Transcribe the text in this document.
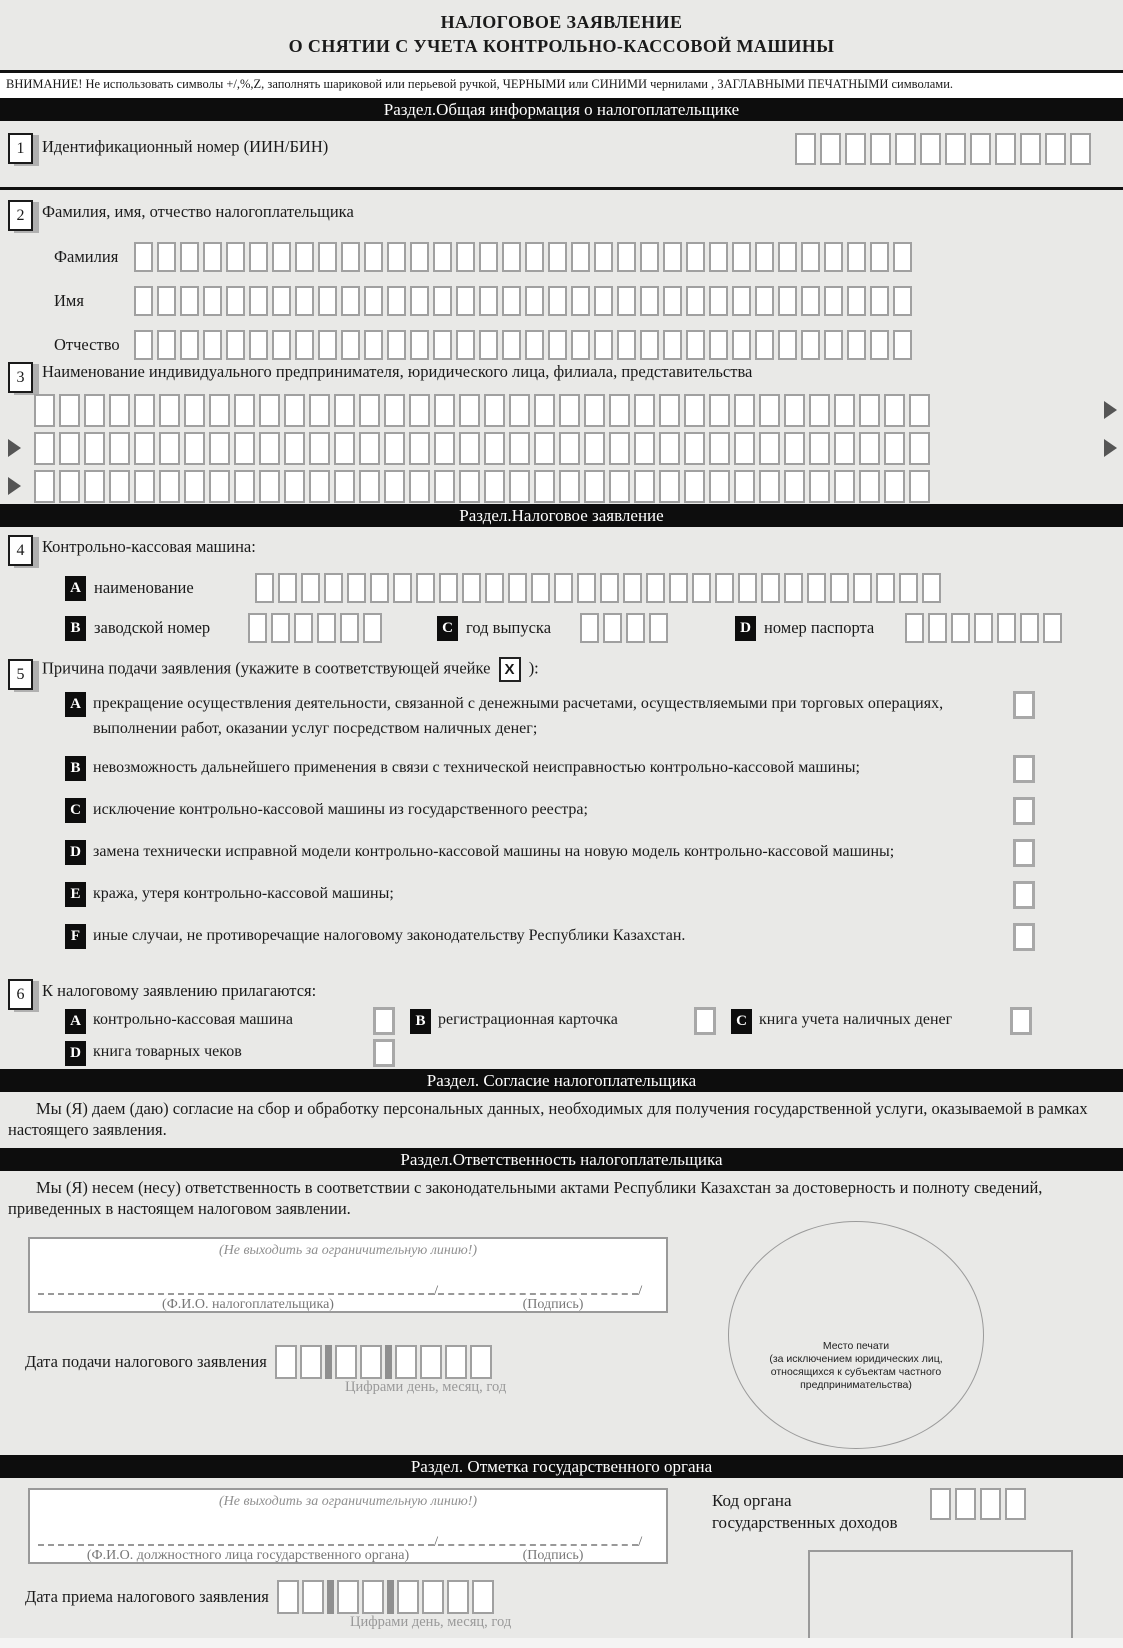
НАЛОГОВОЕ ЗАЯВЛЕНИЕ
О СНЯТИИ С УЧЕТА КОНТРОЛЬНО-КАССОВОЙ МАШИНЫ
ВНИМАНИЕ! Не использовать символы +/,%,Z, заполнять шариковой или перьевой ручкой, ЧЕРНЫМИ или СИНИМИ чернилами , ЗАГЛАВНЫМИ ПЕЧАТНЫМИ символами.
Раздел.Общая информация о налогоплательщике
1	Идентификационный номер (ИИН/БИН)
2	Фамилия, имя, отчество налогоплательщика
Фамилия
Имя
Отчество
3	Наименование индивидуального предпринимателя, юридического лица, филиала, представительства
Раздел.Налоговое заявление
4	Контрольно-кассовая машина:
A наименование
B заводской номер	C год выпуска	D номер паспорта
5	Причина подачи заявления (укажите в соответствующей ячейке X ):
A прекращение осуществления деятельности, связанной с денежными расчетами, осуществляемыми при торговых операциях, выполнении работ, оказании услуг посредством наличных денег;
B невозможность дальнейшего применения в связи с технической неисправностью контрольно-кассовой машины;
C исключение контрольно-кассовой машины из государственного реестра;
D замена технически исправной модели контрольно-кассовой машины на новую модель контрольно-кассовой машины;
E кража, утеря контрольно-кассовой машины;
F иные случаи, не противоречащие налоговому законодательству Республики Казахстан.
6	К налоговому заявлению прилагаются:
A контрольно-кассовая машина	B регистрационная карточка	C книга учета наличных денег
D книга товарных чеков
Раздел. Согласие налогоплательщика

Мы (Я) даем (даю) согласие на сбор и обработку персональных данных, необходимых для получения государственной услуги, оказываемой в рамках настоящего заявления.

Раздел.Ответственность налогоплательщика

Мы (Я) несем (несу) ответственность в соответствии с законодательными актами Республики Казахстан за достоверность и полноту сведений, приведенных в настоящем налоговом заявлении.

(Не выходить за ограничительную линию!)
/	/
(Ф.И.О. налогоплательщика)	(Подпись)
Дата подачи налогового заявления
Цифрами день, месяц, год
Место печати
(за исключением юридических лиц,
относящихся к субъектам частного
предпринимательства)
Раздел. Отметка государственного органа
(Не выходить за ограничительную линию!)
/	/
(Ф.И.О. должностного лица государственного органа)	(Подпись)
Код органа
государственных доходов
Дата приема налогового заявления
Цифрами день, месяц, год
